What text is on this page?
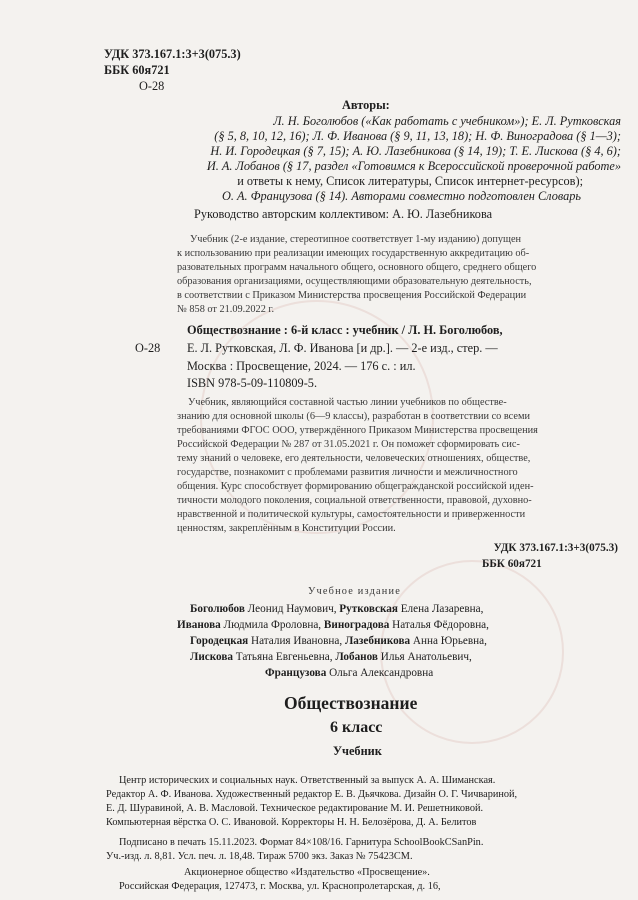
УДК 373.167.1:3+3(075.3)
ББК 60я721
О-28
Авторы:
Л. Н. Боголюбов («Как работать с учебником»); Е. Л. Рутковская
(§ 5, 8, 10, 12, 16); Л. Ф. Иванова (§ 9, 11, 13, 18); Н. Ф. Виноградова (§ 1—3);
Н. И. Городецкая (§ 7, 15); А. Ю. Лазебникова (§ 14, 19); Т. Е. Лискова (§ 4, 6);
И. А. Лобанов (§ 17, раздел «Готовимся к Всероссийской проверочной работе»
и ответы к нему, Список литературы, Список интернет-ресурсов);
О. А. Французова (§ 14). Авторами совместно подготовлен Словарь
Руководство авторским коллективом: А. Ю. Лазебникова
Учебник (2-е издание, стереотипное соответствует 1-му изданию) допущен
к использованию при реализации имеющих государственную аккредитацию об-
разовательных программ начального общего, основного общего, среднего общего
образования организациями, осуществляющими образовательную деятельность,
в соответствии с Приказом Министерства просвещения Российской Федерации
№ 858 от 21.09.2022 г.
О-28
Обществознание : 6-й класс : учебник / Л. Н. Боголюбов,
Е. Л. Рутковская, Л. Ф. Иванова [и др.]. — 2-е изд., стер. —
Москва : Просвещение, 2024. — 176 с. : ил.
ISBN 978-5-09-110809-5.
Учебник, являющийся составной частью линии учебников по обществе-
знанию для основной школы (6—9 классы), разработан в соответствии со всеми
требованиями ФГОС ООО, утверждённого Приказом Министерства просвещения
Российской Федерации № 287 от 31.05.2021 г. Он поможет сформировать сис-
тему знаний о человеке, его деятельности, человеческих отношениях, обществе,
государстве, познакомит с проблемами развития личности и межличностного
общения. Курс способствует формированию общегражданской российской иден-
тичности молодого поколения, социальной ответственности, правовой, духовно-
нравственной и политической культуры, самостоятельности и приверженности
ценностям, закреплённым в Конституции России.
УДК 373.167.1:3+3(075.3)
ББК 60я721
Учебное издание
Боголюбов Леонид Наумович, Рутковская Елена Лазаревна,
Иванова Людмила Фроловна, Виноградова Наталья Фёдоровна,
Городецкая Наталия Ивановна, Лазебникова Анна Юрьевна,
Лискова Татьяна Евгеньевна, Лобанов Илья Анатольевич,
Французова Ольга Александровна
Обществознание
6 класс
Учебник
Центр исторических и социальных наук. Ответственный за выпуск А. А. Шиманская.
Редактор А. Ф. Иванова. Художественный редактор Е. В. Дьячкова. Дизайн О. Г. Чичвариной,
Е. Д. Шуравиной, А. В. Масловой. Техническое редактирование М. И. Решетниковой.
Компьютерная вёрстка О. С. Ивановой. Корректоры Н. Н. Белозёрова, Д. А. Белитов
Подписано в печать 15.11.2023. Формат 84×108/16. Гарнитура SchoolBookCSanPin.
Уч.-изд. л. 8,81. Усл. печ. л. 18,48. Тираж 5700 экз. Заказ № 75423СМ.
Акционерное общество «Издательство «Просвещение».
Российская Федерация, 127473, г. Москва, ул. Краснопролетарская, д. 16,
